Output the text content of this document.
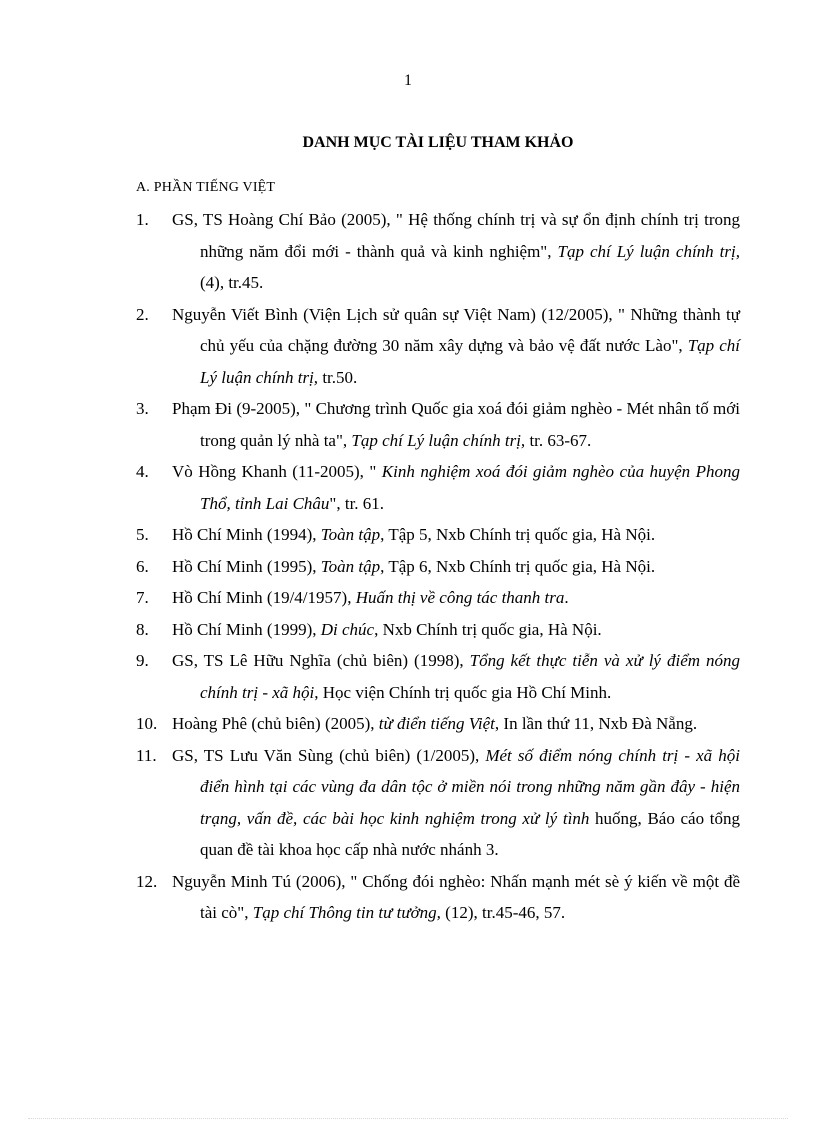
1
DANH MỤC TÀI LIỆU THAM KHẢO
A. PHẦN TIẾNG VIỆT
1. GS, TS Hoàng Chí Bảo (2005), " Hệ thống chính trị và sự ổn định chính trị trong những năm đổi mới - thành quả và kinh nghiệm", Tạp chí Lý luận chính trị, (4), tr.45.
2. Nguyễn Viết Bình (Viện Lịch sử quân sự Việt Nam) (12/2005), " Những thành tự chủ yếu của chặng đường 30 năm xây dựng và bảo vệ đất nước Lào", Tạp chí Lý luận chính trị, tr.50.
3. Phạm Đi (9-2005), " Chương trình Quốc gia xoá đói giảm nghèo - Mét nhân tố mới trong quản lý nhà ta", Tạp chí Lý luận chính trị, tr. 63-67.
4. Vò Hồng Khanh (11-2005), " Kinh nghiệm xoá đói giảm nghèo của huyện Phong Thổ, tỉnh Lai Châu", tr. 61.
5. Hồ Chí Minh (1994), Toàn tập, Tập 5, Nxb Chính trị quốc gia, Hà Nội.
6. Hồ Chí Minh (1995), Toàn tập, Tập 6, Nxb Chính trị quốc gia, Hà Nội.
7. Hồ Chí Minh (19/4/1957), Huấn thị về công tác thanh tra.
8. Hồ Chí Minh (1999), Di chúc, Nxb Chính trị quốc gia, Hà Nội.
9. GS, TS Lê Hữu Nghĩa (chủ biên) (1998), Tổng kết thực tiễn và xử lý điểm nóng chính trị - xã hội, Học viện Chính trị quốc gia Hồ Chí Minh.
10. Hoàng Phê (chủ biên) (2005), từ điển tiếng Việt, In lần thứ 11, Nxb Đà Nẵng.
11. GS, TS Lưu Văn Sùng (chủ biên) (1/2005), Mét số điểm nóng chính trị - xã hội điển hình tại các vùng đa dân tộc ở miền nói trong những năm gần đây - hiện trạng, vấn đề, các bài học kinh nghiệm trong xử lý tình huống, Báo cáo tổng quan đề tài khoa học cấp nhà nước nhánh 3.
12. Nguyễn Minh Tú (2006), " Chống đói nghèo: Nhấn mạnh mét sè ý kiến về một đề tài cò", Tạp chí Thông tin tư tưởng, (12), tr.45-46, 57.
